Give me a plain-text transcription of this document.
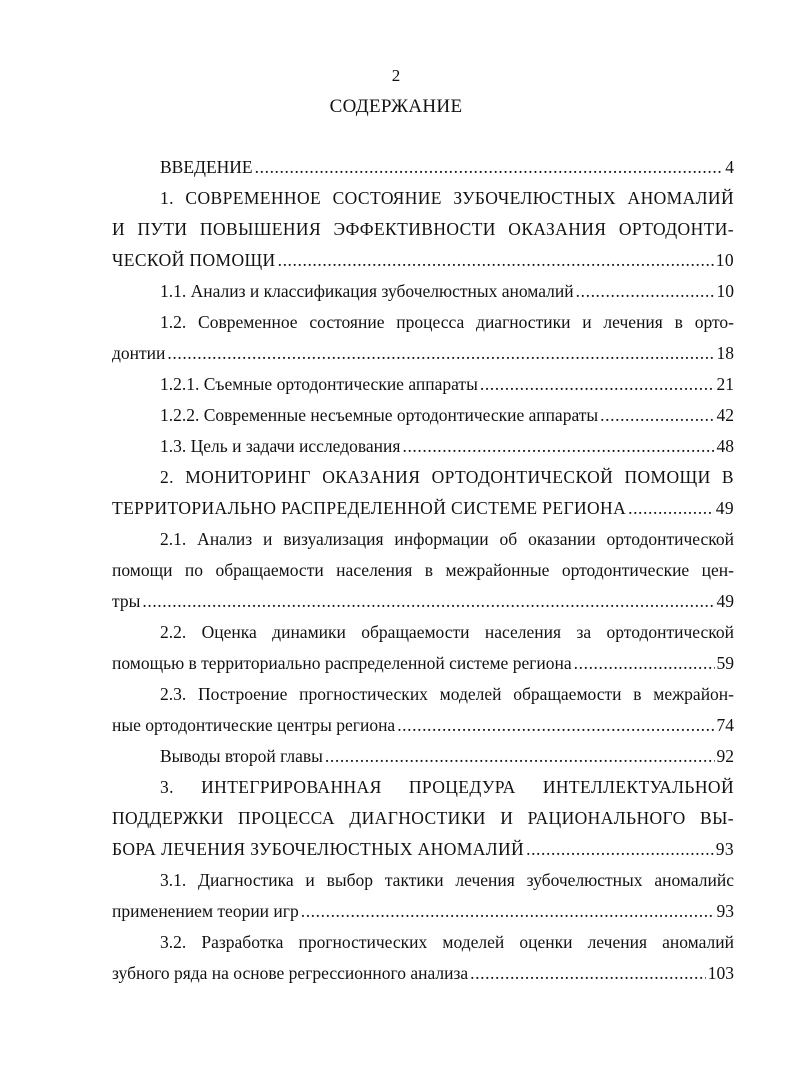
2
СОДЕРЖАНИЕ
ВВЕДЕНИЕ .....	4
1. СОВРЕМЕННОЕ СОСТОЯНИЕ ЗУБОЧЕЛЮСТНЫХ АНОМАЛИЙ
И ПУТИ ПОВЫШЕНИЯ ЭФФЕКТИВНОСТИ ОКАЗАНИЯ ОРТОДОНТИ-
ЧЕСКОЙ ПОМОЩИ .....	10
1.1. Анализ и классификация зубочелюстных аномалий .....	10
1.2. Современное состояние процесса диагностики и лечения в орто-
донтии .....	18
1.2.1. Съемные ортодонтические аппараты .....	21
1.2.2. Современные несъемные ортодонтические аппараты .....	42
1.3. Цель и задачи исследования .....	48
2. МОНИТОРИНГ ОКАЗАНИЯ ОРТОДОНТИЧЕСКОЙ ПОМОЩИ В
ТЕРРИТОРИАЛЬНО РАСПРЕДЕЛЕННОЙ СИСТЕМЕ РЕГИОНА .....	49
2.1. Анализ и визуализация информации об оказании ортодонтической
помощи по обращаемости населения в межрайонные ортодонтические цен-
тры .....	49
2.2. Оценка динамики обращаемости населения за ортодонтической
помощью в территориально распределенной системе региона .....	59
2.3. Построение прогностических моделей обращаемости в межрайон-
ные ортодонтические центры региона .....	74
Выводы второй главы .....	92
3. ИНТЕГРИРОВАННАЯ ПРОЦЕДУРА ИНТЕЛЛЕКТУАЛЬНОЙ
ПОДДЕРЖКИ ПРОЦЕССА ДИАГНОСТИКИ И РАЦИОНАЛЬНОГО ВЫ-
БОРА ЛЕЧЕНИЯ ЗУБОЧЕЛЮСТНЫХ АНОМАЛИЙ .....	93
3.1. Диагностика и выбор тактики лечения зубочелюстных аномалийс
применением теории игр .....	93
3.2. Разработка прогностических моделей оценки лечения аномалий
зубного ряда на основе регрессионного анализа .....	103
